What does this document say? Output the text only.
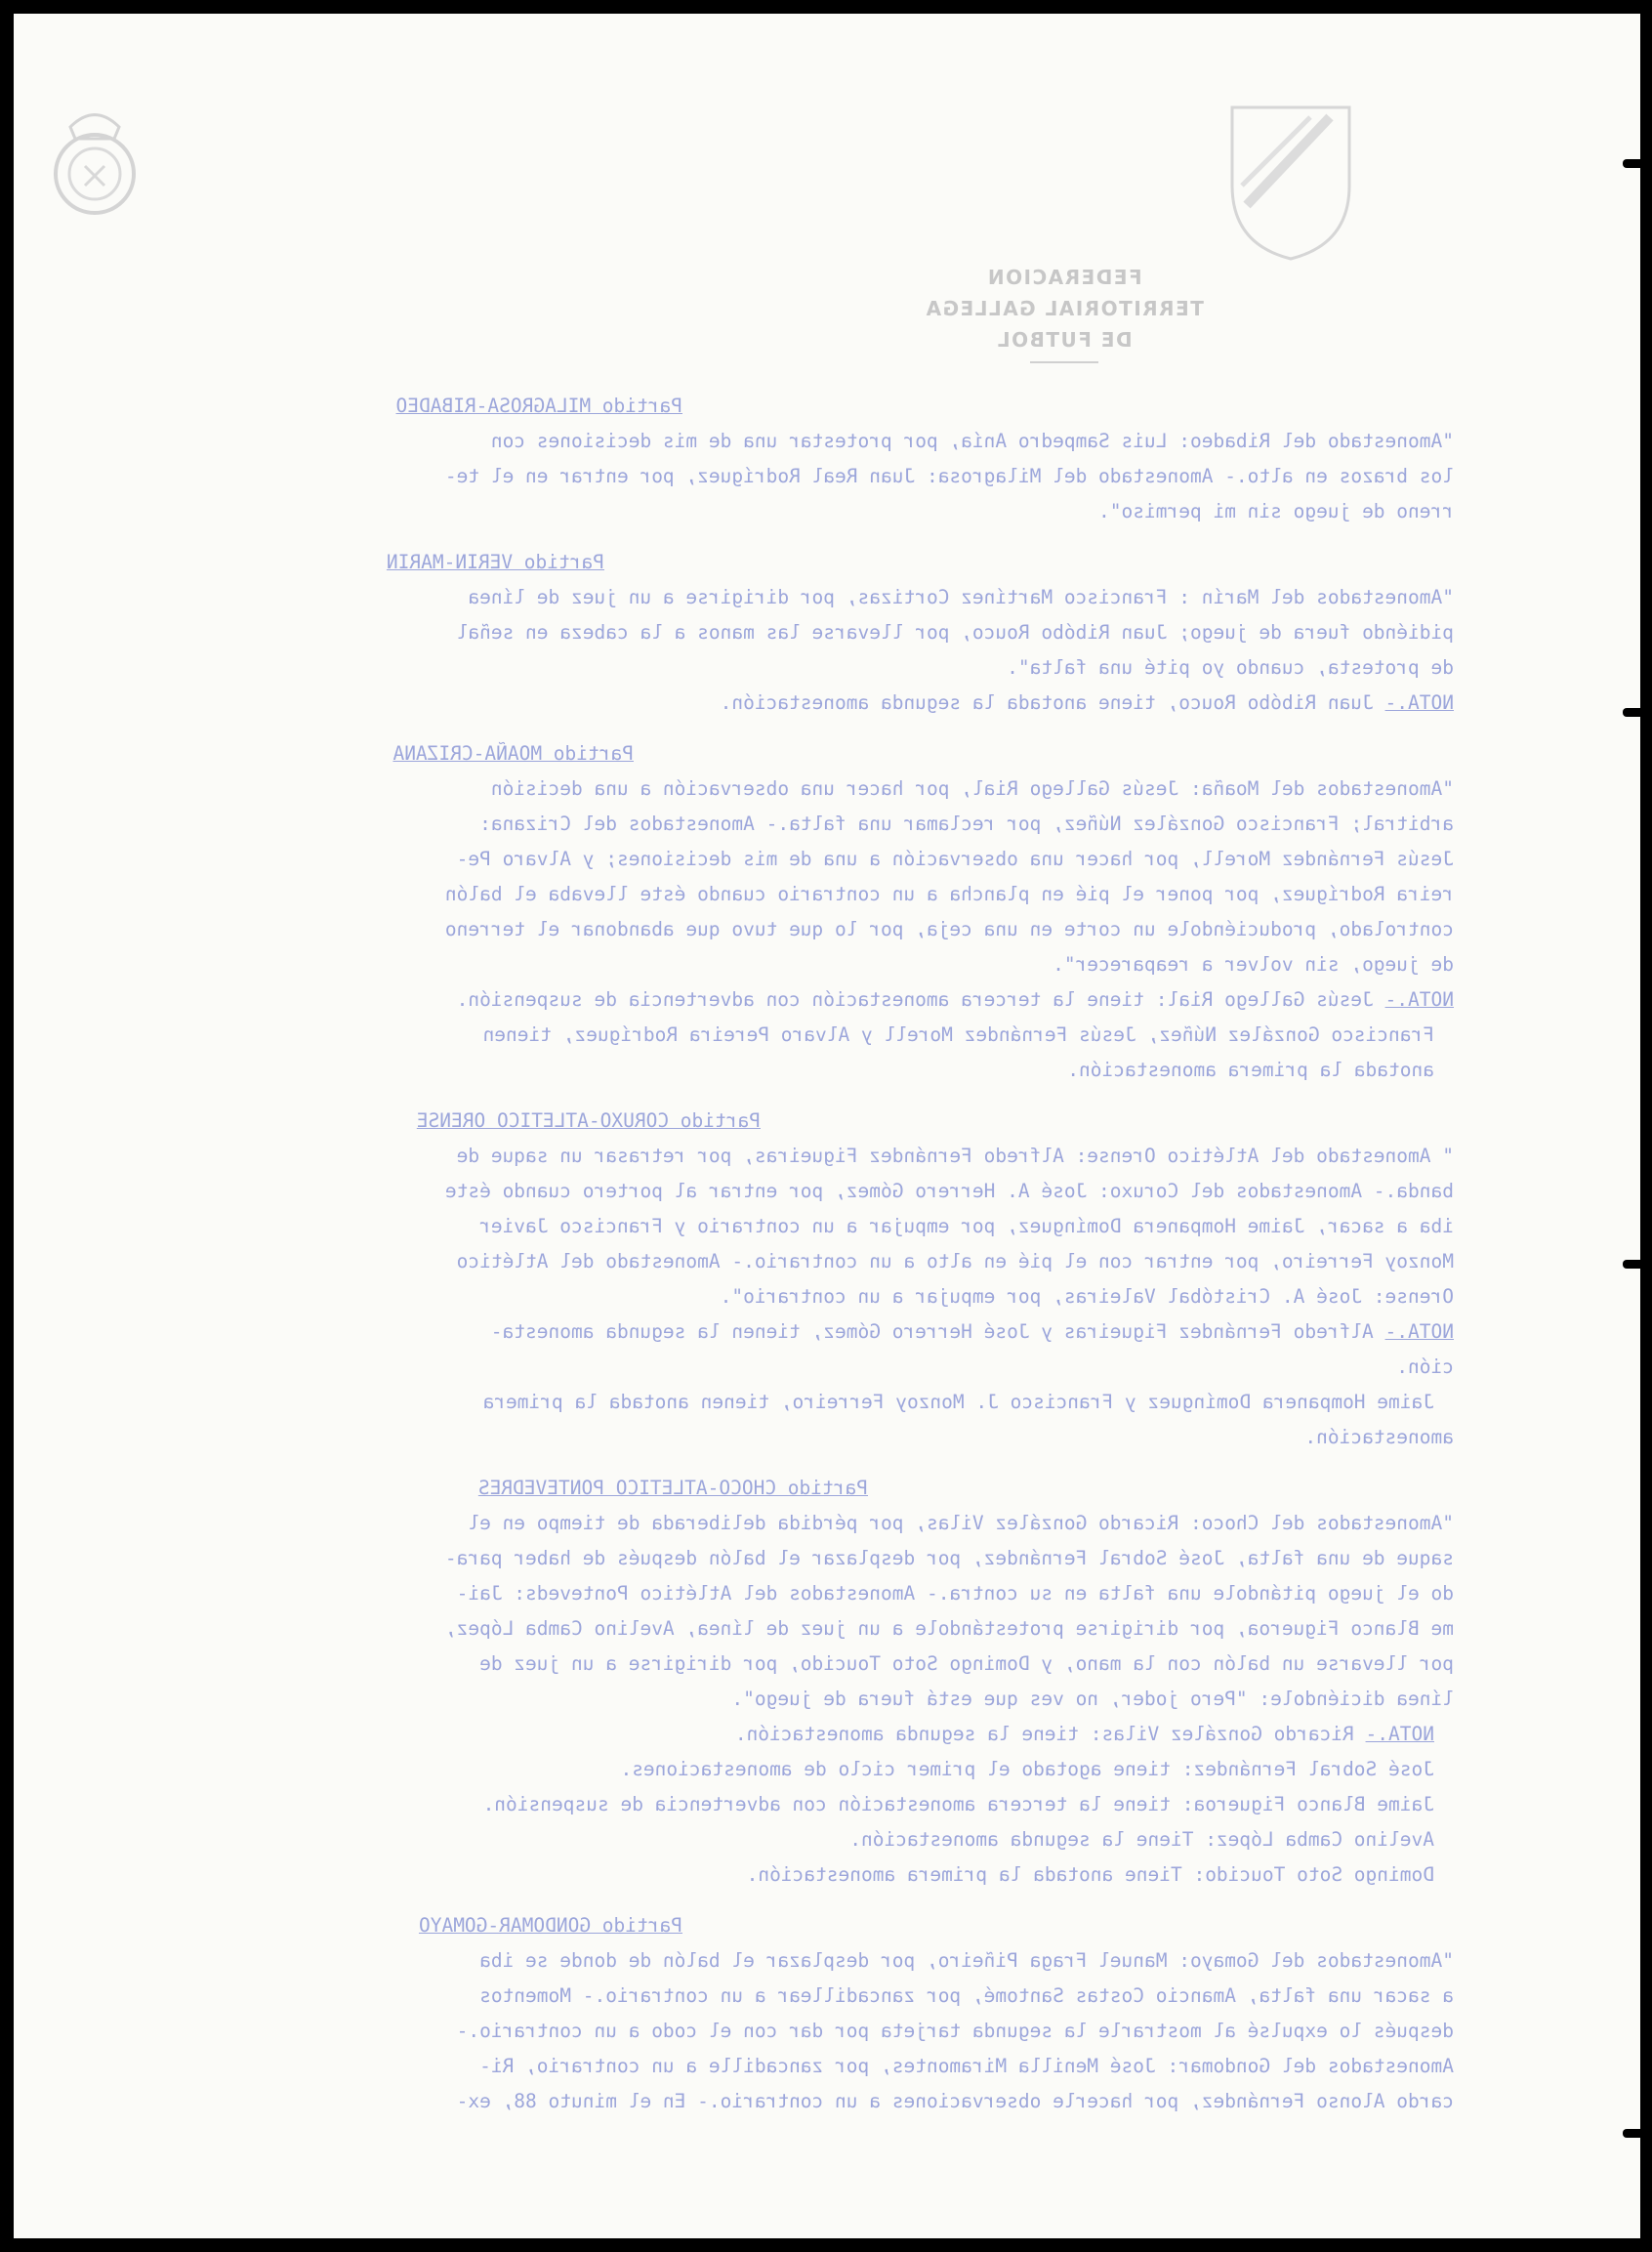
FEDERACION TERRITORIAL GALLEGA
DE FUTBOL

Partido MILAGROSA-RIBADEO

"Amonestado del Ribadeo: Luis Sampedro Anía, por protestar una de mis decisiones con

los brazos en alto.- Amonestado del Milagrosa: Juan Real Rodríguez, por entrar en el te-

rreno de juego sin mi permiso".

Partido VERIN-MARIN

"Amonestados del Marín : Francisco Martínez Cortizas, por dirigirse a un juez de línea

pidiéndo fuera de juego; Juan Ribóbo Rouco, por llevarse las manos a la cabeza en señal

de protesta, cuando yo pité una falta".

NOTA.- Juan Ribóbo Rouco, tiene anotada la segunda amonestación.

Partido MOAÑA-CRIZANA

"Amonestados del Moaña: Jesús Gallego Rial, por hacer una observación a una decisión

arbitral; Francisco González Núñez, por reclamar una falta.- Amonestados del Crizana:

Jesús Fernández Morell, por hacer una observación a una de mis decisiones; y Alvaro Pe-

reira Rodríguez, por poner el pié en plancha a un contrario cuando éste llevaba el balón

controlado, produciéndole un corte en una ceja, por lo que tuvo que abandonar el terreno

de juego, sin volver a reaparecer".

NOTA.- Jesús Gallego Rial: tiene la tercera amonestación con advertencia de suspensión.

Francisco González Núñez, Jesús Fernández Morell y Alvaro Pereira Rodríguez, tienen

anotada la primera amonestación.

Partido CORUXO-ATLETICO ORENSE

" Amonestado del Atlético Orense: Alfredo Fernández Figueiras, por retrasar un saque de

banda.- Amonestados del Coruxo: José A. Herrero Gómez, por entrar al portero cuando éste

iba a sacar, Jaime Hompanera Domínguez, por empujar a un contrario y Francisco Javier

Monzoy Ferreiro, por entrar con el pié en alto a un contrario.- Amonestado del Atlético

Orense: José A. Cristóbal Valeiras, por empujar a un contrario".

NOTA.- Alfredo Fernández Figueiras y José Herrero Gómez, tienen la segunda amonesta-

ción.

Jaime Hompanera Domínguez y Francisco J. Monzoy Ferreiro, tienen anotada la primera

amonestación.

Partido CHOCO-ATLETICO PONTEVEDRES

"Amonestados del Choco: Ricardo González Vilas, por pérdida deliberada de tiempo en el

saque de una falta, José Sobral Fernández, por desplazar el balón después de haber para-

do el juego pitándole una falta en su contra.- Amonestados del Atlético Ponteveds: Jai-

me Blanco Figueroa, por dirigirse protestándole a un juez de línea, Avelino Camba López,

por llevarse un balón con la mano, y Domingo Soto Toucido, por dirigirse a un juez de

línea diciéndole: "Pero joder, no ves que está fuera de juego".

NOTA.- Ricardo González Vilas: tiene la segunda amonestación.

José Sobral Fernández: tiene agotado el primer ciclo de amonestaciones.

Jaime Blanco Figueroa: tiene la tercera amonestación con advertencia de suspensión.

Avelino Camba López: Tiene la segunda amonestación.

Domingo Soto Toucido: Tiene anotada la primera amonestación.

Partido GONDOMAR-GOMAYO

"Amonestados del Gomayo: Manuel Fraga Piñeiro, por desplazar el balón de donde se iba

a sacar una falta, Amancio Costas Santomé, por zancadillear a un contrario.- Momentos

después lo expulsé al mostrarle la segunda tarjeta por dar con el codo a un contrario.-

Amonestados del Gondomar: José Menilla Miramontes, por zancadille a un contrario, Ri-

cardo Alonso Fernández, por hacerle observaciones a un contrario.- En el minuto 88, ex-
